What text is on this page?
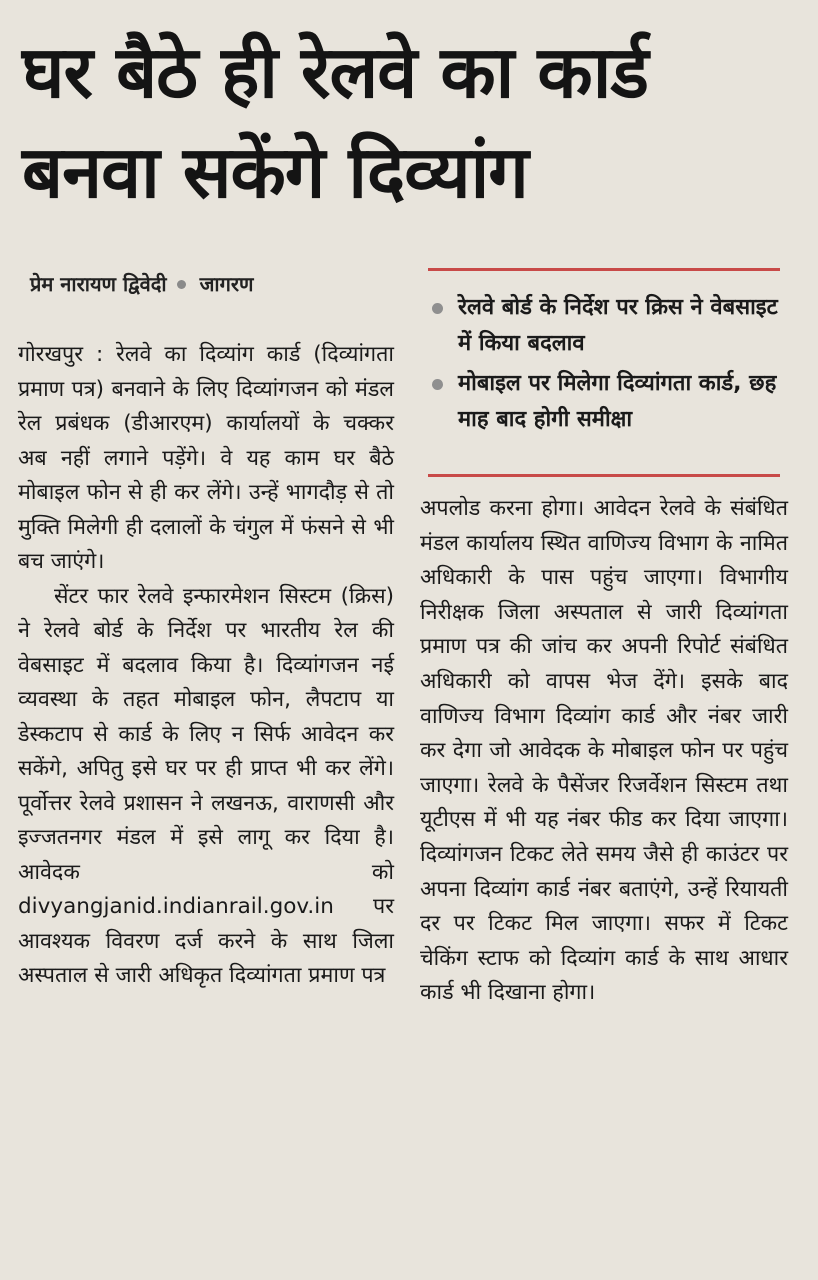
घर बैठे ही रेलवे का कार्ड
बनवा सकेंगे दिव्यांग
प्रेम नारायण द्विवेदी जागरण
रेलवे बोर्ड के निर्देश पर क्रिस ने वेबसाइट में किया बदलाव
मोबाइल पर मिलेगा दिव्यांगता कार्ड, छह माह बाद होगी समीक्षा

गोरखपुर : रेलवे का दिव्यांग कार्ड (दिव्यांगता प्रमाण पत्र) बनवाने के लिए दिव्यांगजन को मंडल रेल प्रबंधक (डीआरएम) कार्यालयों के चक्कर अब नहीं लगाने पड़ेंगे। वे यह काम घर बैठे मोबाइल फोन से ही कर लेंगे। उन्हें भागदौड़ से तो मुक्ति मिलेगी ही दलालों के चंगुल में फंसने से भी बच जाएंगे।

सेंटर फार रेलवे इन्फारमेशन सिस्टम (क्रिस) ने रेलवे बोर्ड के निर्देश पर भारतीय रेल की वेबसाइट में बदलाव किया है। दिव्यांगजन नई व्यवस्था के तहत मोबाइल फोन, लैपटाप या डेस्कटाप से कार्ड के लिए न सिर्फ आवेदन कर सकेंगे, अपितु इसे घर पर ही प्राप्त भी कर लेंगे। पूर्वोत्तर रेलवे प्रशासन ने लखनऊ, वाराणसी और इज्जतनगर मंडल में इसे लागू कर दिया है। आवेदक को divyangjanid.indianrail.gov.in पर आवश्यक विवरण दर्ज करने के साथ जिला अस्पताल से जारी अधिकृत दिव्यांगता प्रमाण पत्र

अपलोड करना होगा। आवेदन रेलवे के संबंधित मंडल कार्यालय स्थित वाणिज्य विभाग के नामित अधिकारी के पास पहुंच जाएगा। विभागीय निरीक्षक जिला अस्पताल से जारी दिव्यांगता प्रमाण पत्र की जांच कर अपनी रिपोर्ट संबंधित अधिकारी को वापस भेज देंगे। इसके बाद वाणिज्य विभाग दिव्यांग कार्ड और नंबर जारी कर देगा जो आवेदक के मोबाइल फोन पर पहुंच जाएगा। रेलवे के पैसेंजर रिजर्वेशन सिस्टम तथा यूटीएस में भी यह नंबर फीड कर दिया जाएगा। दिव्यांगजन टिकट लेते समय जैसे ही काउंटर पर अपना दिव्यांग कार्ड नंबर बताएंगे, उन्हें रियायती दर पर टिकट मिल जाएगा। सफर में टिकट चेकिंग स्टाफ को दिव्यांग कार्ड के साथ आधार कार्ड भी दिखाना होगा।
